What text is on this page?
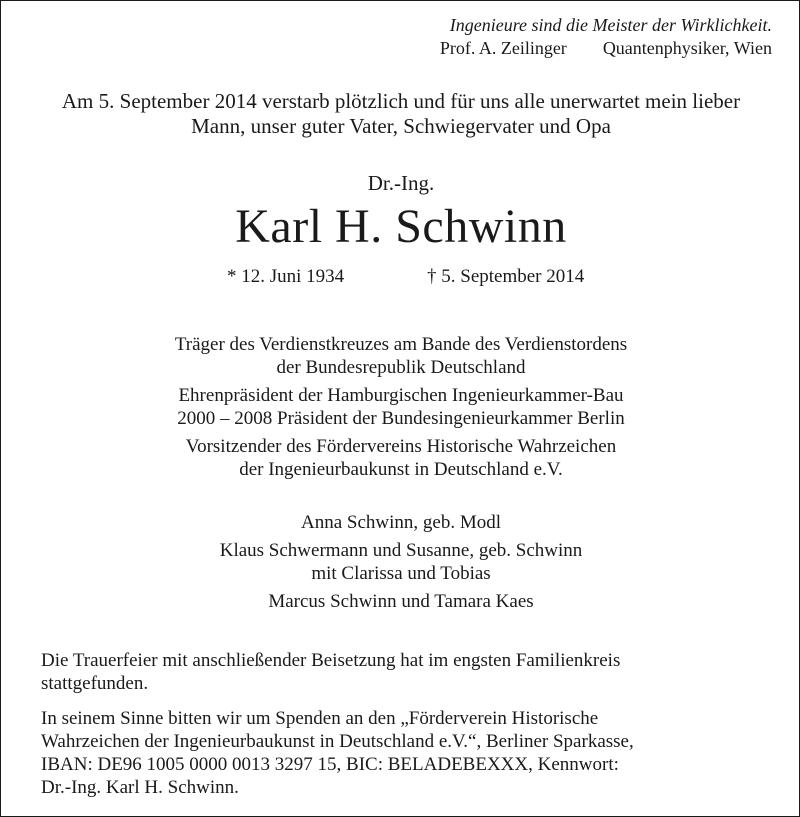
Ingenieure sind die Meister der Wirklichkeit.
Prof. A. Zeilinger Quantenphysiker, Wien
Am 5. September 2014 verstarb plötzlich und für uns alle unerwartet mein lieber
Mann, unser guter Vater, Schwiegervater und Opa
Dr.-Ing.
Karl H. Schwinn
* 12. Juni 1934	† 5. September 2014
Träger des Verdienstkreuzes am Bande des Verdienstordens
der Bundesrepublik Deutschland
Ehrenpräsident der Hamburgischen Ingenieurkammer-Bau
2000 – 2008 Präsident der Bundesingenieurkammer Berlin
Vorsitzender des Fördervereins Historische Wahrzeichen
der Ingenieurbaukunst in Deutschland e.V.
Anna Schwinn, geb. Modl
Klaus Schwermann und Susanne, geb. Schwinn
mit Clarissa und Tobias
Marcus Schwinn und Tamara Kaes
Die Trauerfeier mit anschließender Beisetzung hat im engsten Familienkreis
stattgefunden.
In seinem Sinne bitten wir um Spenden an den „Förderverein Historische
Wahrzeichen der Ingenieurbaukunst in Deutschland e.V.“, Berliner Sparkasse,
IBAN: DE96 1005 0000 0013 3297 15, BIC: BELADEBEXXX, Kennwort:
Dr.-Ing. Karl H. Schwinn.
